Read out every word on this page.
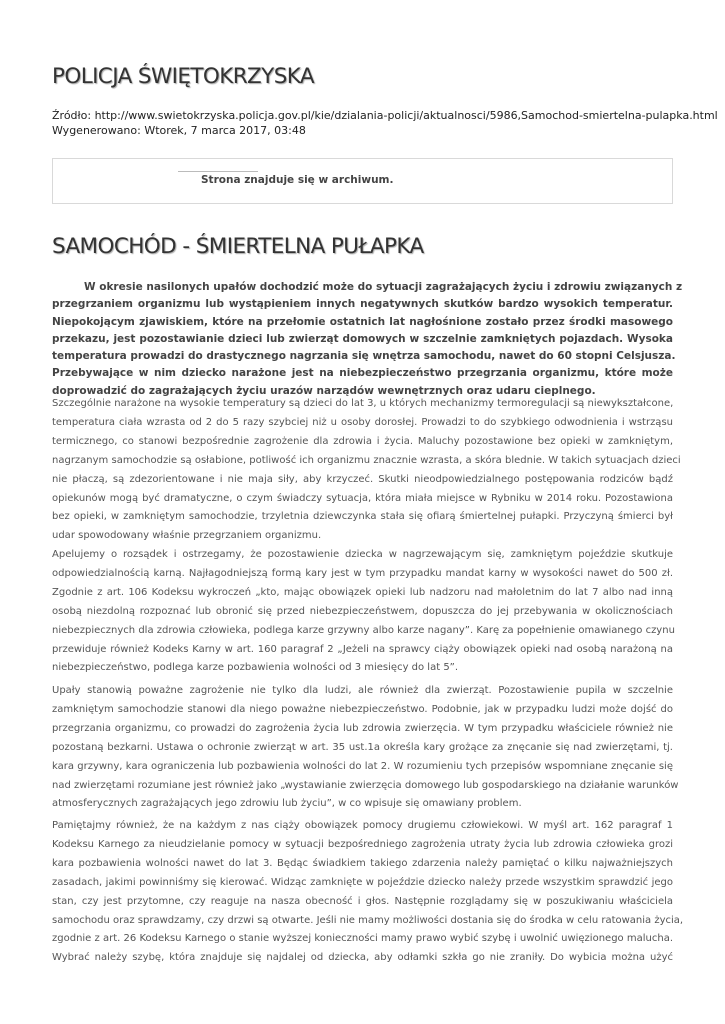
POLICJA ŚWIĘTOKRZYSKA
Źródło: http://www.swietokrzyska.policja.gov.pl/kie/dzialania-policji/aktualnosci/5986,Samochod-smiertelna-pulapka.html
Wygenerowano: Wtorek, 7 marca 2017, 03:48
Strona znajduje się w archiwum.
SAMOCHÓD - ŚMIERTELNA PUŁAPKA
W okresie nasilonych upałów dochodzić może do sytuacji zagrażających życiu i zdrowiu związanych z
przegrzaniem organizmu lub wystąpieniem innych negatywnych skutków bardzo wysokich temperatur.
Niepokojącym zjawiskiem, które na przełomie ostatnich lat nagłośnione zostało przez środki masowego
przekazu, jest pozostawianie dzieci lub zwierząt domowych w szczelnie zamkniętych pojazdach. Wysoka
temperatura prowadzi do drastycznego nagrzania się wnętrza samochodu, nawet do 60 stopni Celsjusza.
Przebywające w nim dziecko narażone jest na niebezpieczeństwo przegrzania organizmu, które może
doprowadzić do zagrażających życiu urazów narządów wewnętrznych oraz udaru cieplnego.
Szczególnie narażone na wysokie temperatury są dzieci do lat 3, u których mechanizmy termoregulacji są niewykształcone,
temperatura ciała wzrasta od 2 do 5 razy szybciej niż u osoby dorosłej. Prowadzi to do szybkiego odwodnienia i wstrząsu
termicznego, co stanowi bezpośrednie zagrożenie dla zdrowia i życia. Maluchy pozostawione bez opieki w zamkniętym,
nagrzanym samochodzie są osłabione, potliwość ich organizmu znacznie wzrasta, a skóra blednie. W takich sytuacjach dzieci
nie płaczą, są zdezorientowane i nie maja siły, aby krzyczeć. Skutki nieodpowiedzialnego postępowania rodziców bądź
opiekunów mogą być dramatyczne, o czym świadczy sytuacja, która miała miejsce w Rybniku w 2014 roku. Pozostawiona
bez opieki, w zamkniętym samochodzie, trzyletnia dziewczynka stała się ofiarą śmiertelnej pułapki. Przyczyną śmierci był
udar spowodowany właśnie przegrzaniem organizmu.
Apelujemy o rozsądek i ostrzegamy, że pozostawienie dziecka w nagrzewającym się, zamkniętym pojeździe skutkuje
odpowiedzialnością karną. Najłagodniejszą formą kary jest w tym przypadku mandat karny w wysokości nawet do 500 zł.
Zgodnie z art. 106 Kodeksu wykroczeń „kto, mając obowiązek opieki lub nadzoru nad małoletnim do lat 7 albo nad inną
osobą niezdolną rozpoznać lub obronić się przed niebezpieczeństwem, dopuszcza do jej przebywania w okolicznościach
niebezpiecznych dla zdrowia człowieka, podlega karze grzywny albo karze nagany”. Karę za popełnienie omawianego czynu
przewiduje również Kodeks Karny w art. 160 paragraf 2 „Jeżeli na sprawcy ciąży obowiązek opieki nad osobą narażoną na
niebezpieczeństwo, podlega karze pozbawienia wolności od 3 miesięcy do lat 5”.
Upały stanowią poważne zagrożenie nie tylko dla ludzi, ale również dla zwierząt. Pozostawienie pupila w szczelnie
zamkniętym samochodzie stanowi dla niego poważne niebezpieczeństwo. Podobnie, jak w przypadku ludzi może dojść do
przegrzania organizmu, co prowadzi do zagrożenia życia lub zdrowia zwierzęcia. W tym przypadku właściciele również nie
pozostaną bezkarni. Ustawa o ochronie zwierząt w art. 35 ust.1a określa kary grożące za znęcanie się nad zwierzętami, tj.
kara grzywny, kara ograniczenia lub pozbawienia wolności do lat 2. W rozumieniu tych przepisów wspomniane znęcanie się
nad zwierzętami rozumiane jest również jako „wystawianie zwierzęcia domowego lub gospodarskiego na działanie warunków
atmosferycznych zagrażających jego zdrowiu lub życiu”, w co wpisuje się omawiany problem.
Pamiętajmy również, że na każdym z nas ciąży obowiązek pomocy drugiemu człowiekowi. W myśl art. 162 paragraf 1
Kodeksu Karnego za nieudzielanie pomocy w sytuacji bezpośredniego zagrożenia utraty życia lub zdrowia człowieka grozi
kara pozbawienia wolności nawet do lat 3. Będąc świadkiem takiego zdarzenia należy pamiętać o kilku najważniejszych
zasadach, jakimi powinniśmy się kierować. Widząc zamknięte w pojeździe dziecko należy przede wszystkim sprawdzić jego
stan, czy jest przytomne, czy reaguje na nasza obecność i głos. Następnie rozglądamy się w poszukiwaniu właściciela
samochodu oraz sprawdzamy, czy drzwi są otwarte. Jeśli nie mamy możliwości dostania się do środka w celu ratowania życia,
zgodnie z art. 26 Kodeksu Karnego o stanie wyższej konieczności mamy prawo wybić szybę i uwolnić uwięzionego malucha.
Wybrać należy szybę, która znajduje się najdalej od dziecka, aby odłamki szkła go nie zraniły. Do wybicia można użyć
